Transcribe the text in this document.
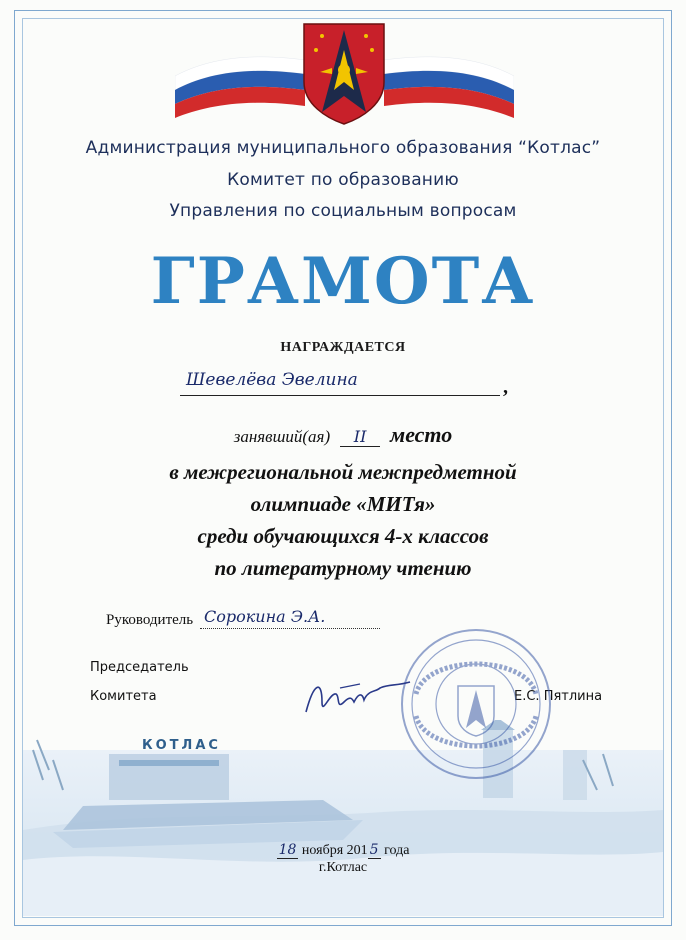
Администрация муниципального образования “Котлас”
Комитет по образованию
Управления по социальным вопросам
ГРАМОТА
НАГРАЖДАЕТСЯ
Шевелёва Эвелина	,
занявший(ая) II место
в межрегиональной межпредметной
олимпиаде «МИТя»
среди обучающихся 4-х классов
по литературному чтению
Руководитель Сорокина Э.А.
Председатель
Комитета	Е.С. Пятлина
КОТЛАС
18 ноября 201 5 года
г.Котлас
